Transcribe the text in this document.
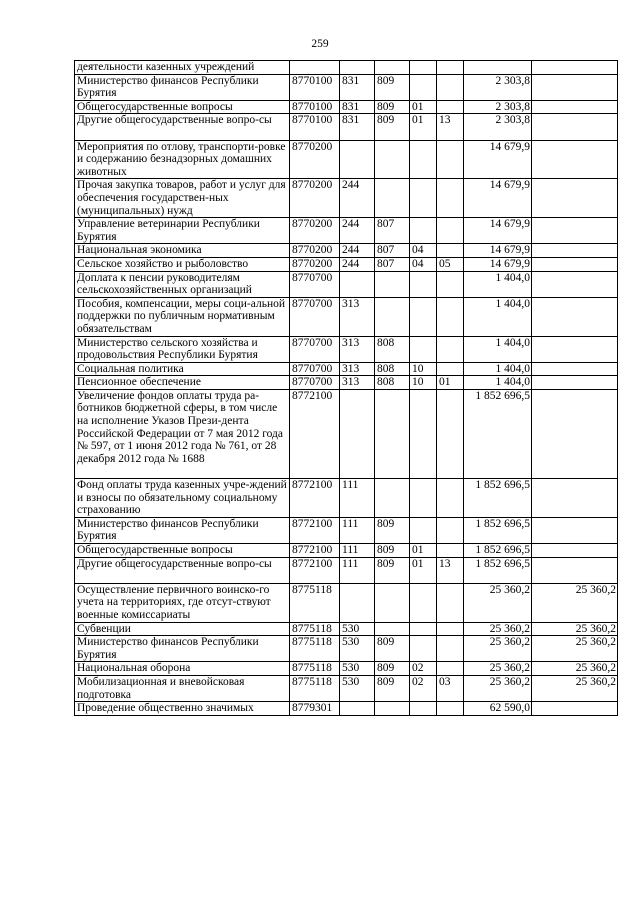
259
деятельности казенных учреждений							
Министерство финансов Республики Бурятия	8770100	831	809			2 303,8	
Общегосударственные вопросы	8770100	831	809	01		2 303,8	
Другие общегосударственные вопро-сы	8770100	831	809	01	13	2 303,8	
Мероприятия по отлову, транспорти-ровке и содержанию безнадзорных домашних животных	8770200					14 679,9	
Прочая закупка товаров, работ и услуг для обеспечения государствен-ных (муниципальных) нужд	8770200	244				14 679,9	
Управление ветеринарии Республики Бурятия	8770200	244	807			14 679,9	
Национальная экономика	8770200	244	807	04		14 679,9	
Сельское хозяйство и рыболовство	8770200	244	807	04	05	14 679,9	
Доплата к пенсии руководителям сельскохозяйственных организаций	8770700					1 404,0	
Пособия, компенсации, меры соци-альной поддержки по публичным нормативным обязательствам	8770700	313				1 404,0	
Министерство сельского хозяйства и продовольствия Республики Бурятия	8770700	313	808			1 404,0	
Социальная политика	8770700	313	808	10		1 404,0	
Пенсионное обеспечение	8770700	313	808	10	01	1 404,0	
Увеличение фондов оплаты труда ра-ботников бюджетной сферы, в том числе на исполнение Указов Прези-дента Российской Федерации от 7 мая 2012 года № 597, от 1 июня 2012 года № 761, от 28 декабря 2012 года № 1688	8772100					1 852 696,5	
Фонд оплаты труда казенных учре-ждений и взносы по обязательному социальному страхованию	8772100	111				1 852 696,5	
Министерство финансов Республики Бурятия	8772100	111	809			1 852 696,5	
Общегосударственные вопросы	8772100	111	809	01		1 852 696,5	
Другие общегосударственные вопро-сы	8772100	111	809	01	13	1 852 696,5	
Осуществление первичного воинско-го учета на территориях, где отсут-ствуют военные комиссариаты	8775118					25 360,2	25 360,2
Субвенции	8775118	530				25 360,2	25 360,2
Министерство финансов Республики Бурятия	8775118	530	809			25 360,2	25 360,2
Национальная оборона	8775118	530	809	02		25 360,2	25 360,2
Мобилизационная и вневойсковая подготовка	8775118	530	809	02	03	25 360,2	25 360,2
Проведение общественно значимых	8779301					62 590,0	
